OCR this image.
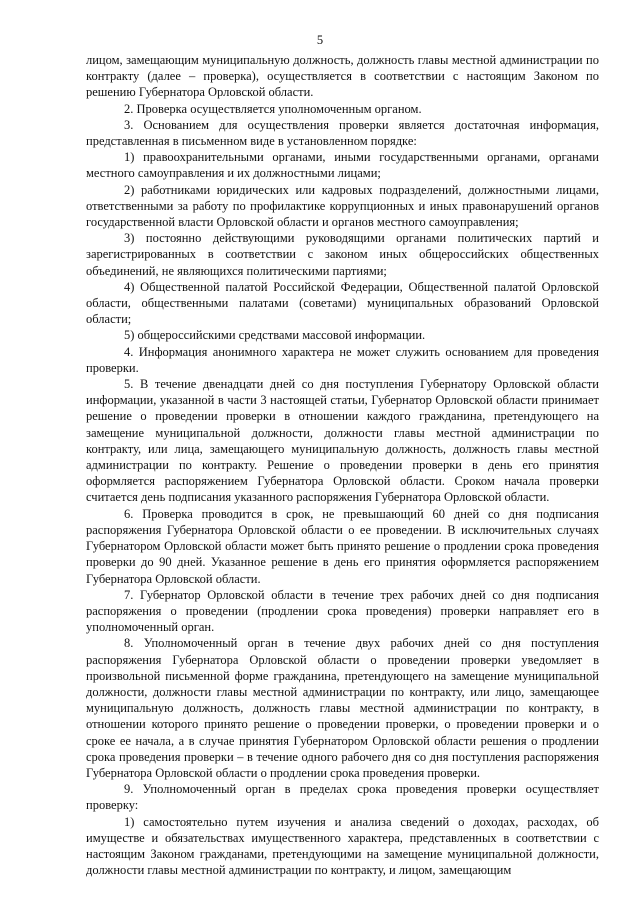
5

лицом, замещающим муниципальную должность, должность главы местной администрации по контракту (далее – проверка), осуществляется в соответствии с настоящим Законом по решению Губернатора Орловской области.

2. Проверка осуществляется уполномоченным органом.

3. Основанием для осуществления проверки является достаточная информация, представленная в письменном виде в установленном порядке:

1) правоохранительными органами, иными государственными органами, органами местного самоуправления и их должностными лицами;

2) работниками юридических или кадровых подразделений, должностными лицами, ответственными за работу по профилактике коррупционных и иных правонарушений органов государственной власти Орловской области и органов местного самоуправления;

3) постоянно действующими руководящими органами политических партий и зарегистрированных в соответствии с законом иных общероссийских общественных объединений, не являющихся политическими партиями;

4) Общественной палатой Российской Федерации, Общественной палатой Орловской области, общественными палатами (советами) муниципальных образований Орловской области;

5) общероссийскими средствами массовой информации.

4. Информация анонимного характера не может служить основанием для проведения проверки.

5. В течение двенадцати дней со дня поступления Губернатору Орловской области информации, указанной в части 3 настоящей статьи, Губернатор Орловской области принимает решение о проведении проверки в отношении каждого гражданина, претендующего на замещение муниципальной должности, должности главы местной администрации по контракту, или лица, замещающего муниципальную должность, должность главы местной администрации по контракту. Решение о проведении проверки в день его принятия оформляется распоряжением Губернатора Орловской области. Сроком начала проверки считается день подписания указанного распоряжения Губернатора Орловской области.

6. Проверка проводится в срок, не превышающий 60 дней со дня подписания распоряжения Губернатора Орловской области о ее проведении. В исключительных случаях Губернатором Орловской области может быть принято решение о продлении срока проведения проверки до 90 дней. Указанное решение в день его принятия оформляется распоряжением Губернатора Орловской области.

7. Губернатор Орловской области в течение трех рабочих дней со дня подписания распоряжения о проведении (продлении срока проведения) проверки направляет его в уполномоченный орган.

8. Уполномоченный орган в течение двух рабочих дней со дня поступления распоряжения Губернатора Орловской области о проведении проверки уведомляет в произвольной письменной форме гражданина, претендующего на замещение муниципальной должности, должности главы местной администрации по контракту, или лицо, замещающее муниципальную должность, должность главы местной администрации по контракту, в отношении которого принято решение о проведении проверки, о проведении проверки и о сроке ее начала, а в случае принятия Губернатором Орловской области решения о продлении срока проведения проверки – в течение одного рабочего дня со дня поступления распоряжения Губернатора Орловской области о продлении срока проведения проверки.

9. Уполномоченный орган в пределах срока проведения проверки осуществляет проверку:

1) самостоятельно путем изучения и анализа сведений о доходах, расходах, об имуществе и обязательствах имущественного характера, представленных в соответствии с настоящим Законом гражданами, претендующими на замещение муниципальной должности, должности главы местной администрации по контракту, и лицом, замещающим
